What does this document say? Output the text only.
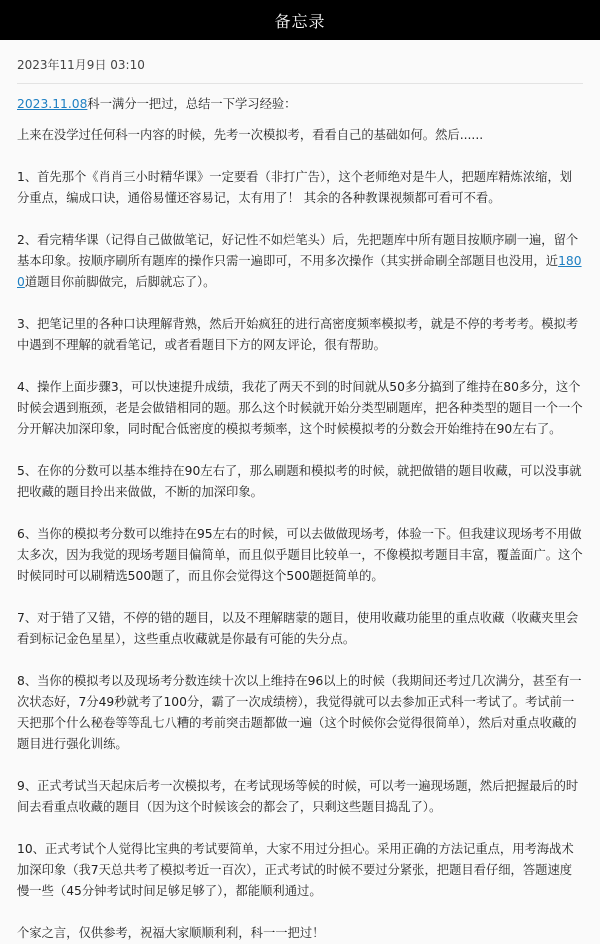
备忘录
2023年11月9日 03:10

2023.11.08科一满分一把过，总结一下学习经验：

上来在没学过任何科一内容的时候，先考一次模拟考，看看自己的基础如何。然后......

1、首先那个《肖肖三小时精华课》一定要看（非打广告），这个老师绝对是牛人，把题库精炼浓缩，划分重点，编成口诀，通俗易懂还容易记，太有用了！ 其余的各种教课视频都可看可不看。

2、看完精华课（记得自己做做笔记，好记性不如烂笔头）后，先把题库中所有题目按顺序刷一遍，留个基本印象。按顺序刷所有题库的操作只需一遍即可，不用多次操作（其实拼命刷全部题目也没用，近1800道题目你前脚做完，后脚就忘了）。

3、把笔记里的各种口诀理解背熟，然后开始疯狂的进行高密度频率模拟考，就是不停的考考考。模拟考中遇到不理解的就看笔记，或者看题目下方的网友评论，很有帮助。

4、操作上面步骤3，可以快速提升成绩，我花了两天不到的时间就从50多分搞到了维持在80多分，这个时候会遇到瓶颈，老是会做错相同的题。那么这个时候就开始分类型刷题库，把各种类型的题目一个一个分开解决加深印象，同时配合低密度的模拟考频率，这个时候模拟考的分数会开始维持在90左右了。

5、在你的分数可以基本维持在90左右了，那么刷题和模拟考的时候，就把做错的题目收藏，可以没事就把收藏的题目拎出来做做，不断的加深印象。

6、当你的模拟考分数可以维持在95左右的时候，可以去做做现场考，体验一下。但我建议现场考不用做太多次，因为我觉的现场考题目偏简单，而且似乎题目比较单一，不像模拟考题目丰富，覆盖面广。这个时候同时可以刷精选500题了，而且你会觉得这个500题挺简单的。

7、对于错了又错，不停的错的题目，以及不理解瞎蒙的题目，使用收藏功能里的重点收藏（收藏夹里会看到标记金色星星），这些重点收藏就是你最有可能的失分点。

8、当你的模拟考以及现场考分数连续十次以上维持在96以上的时候（我期间还考过几次满分，甚至有一次状态好，7分49秒就考了100分，霸了一次成绩榜），我觉得就可以去参加正式科一考试了。考试前一天把那个什么秘卷等等乱七八糟的考前突击题都做一遍（这个时候你会觉得很简单），然后对重点收藏的题目进行强化训练。

9、正式考试当天起床后考一次模拟考，在考试现场等候的时候，可以考一遍现场题，然后把握最后的时间去看重点收藏的题目（因为这个时候该会的都会了，只剩这些题目捣乱了）。

10、正式考试个人觉得比宝典的考试要简单，大家不用过分担心。采用正确的方法记重点，用考海战术加深印象（我7天总共考了模拟考近一百次），正式考试的时候不要过分紧张，把题目看仔细，答题速度慢一些（45分钟考试时间足够足够了），都能顺利通过。

个家之言，仅供参考，祝福大家顺顺利利，科一一把过！
